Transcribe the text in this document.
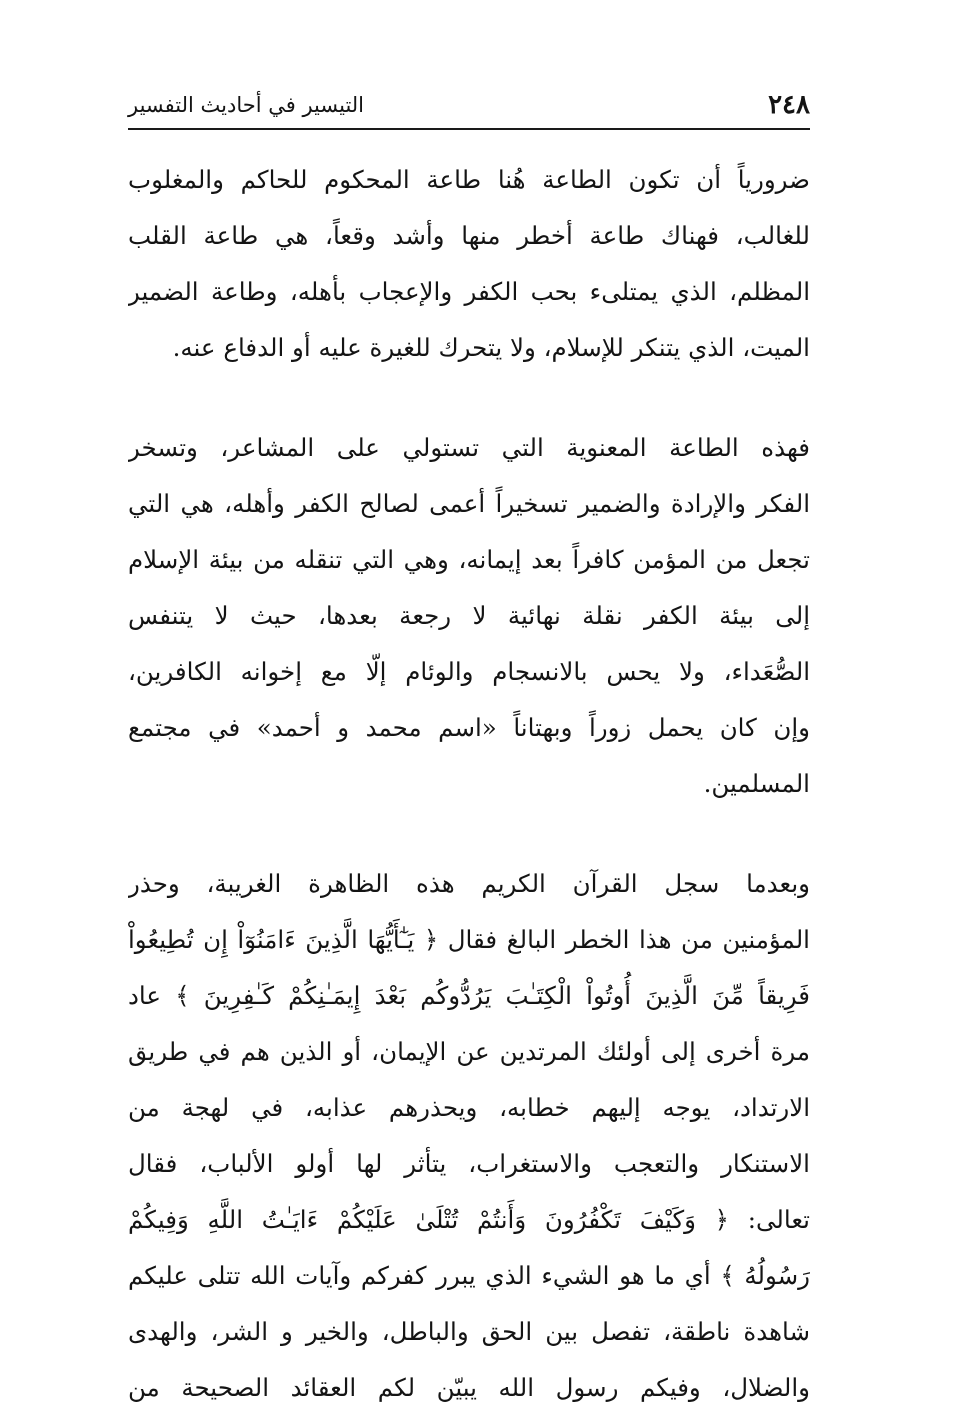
٢٤٨
التيسير في أحاديث التفسير
ضرورياً أن تكون الطاعة هُنا طاعة المحكوم للحاكم والمغلوب
للغالب، فهناك طاعة أخطر منها وأشد وقعاً، هي طاعة القلب
المظلم، الذي يمتلىء بحب الكفر والإعجاب بأهله، وطاعة الضمير
الميت، الذي يتنكر للإسلام، ولا يتحرك للغيرة عليه أو الدفاع عنه.
فهذه الطاعة المعنوية التي تستولي على المشاعر، وتسخر
الفكر والإرادة والضمير تسخيراً أعمى لصالح الكفر وأهله، هي التي
تجعل من المؤمن كافراً بعد إيمانه، وهي التي تنقله من بيئة الإسلام
إلى بيئة الكفر نقلة نهائية لا رجعة بعدها، حيث لا يتنفس
الصُّعَداء، ولا يحس بالانسجام والوئام إلّا مع إخوانه الكافرين،
وإن كان يحمل زوراً وبهتاناً «اسم محمد و أحمد» في مجتمع
المسلمين.
وبعدما سجل القرآن الكريم هذه الظاهرة الغريبة، وحذر
المؤمنين من هذا الخطر البالغ فقال ﴿ يَـٰٓأَيُّهَا الَّذِينَ ءَامَنُوٓاْ إِن تُطِيعُواْ
فَرِيقاً مِّنَ الَّذِينَ أُوتُواْ الْكِتَـٰبَ يَرُدُّوكُم بَعْدَ إِيمَـٰنِكُمْ كَـٰفِرِينَ ﴾ عاد
مرة أخرى إلى أولئك المرتدين عن الإيمان، أو الذين هم في طريق
الارتداد، يوجه إليهم خطابه، ويحذرهم عذابه، في لهجة من
الاستنكار والتعجب والاستغراب، يتأثر لها أولو الألباب، فقال
تعالى: ﴿ وَكَيْفَ تَكْفُرُونَ وَأَنتُمْ تُتْلَىٰ عَلَيْكُمْ ءَايَـٰتُ اللَّهِ وَفِيكُمْ
رَسُولُهُ ﴾ أي ما هو الشيء الذي يبرر كفركم وآيات الله تتلى عليكم
شاهدة ناطقة، تفصل بين الحق والباطل، والخير و الشر، والهدى
والضلال، وفيكم رسول الله يبيّن لكم العقائد الصحيحة من
